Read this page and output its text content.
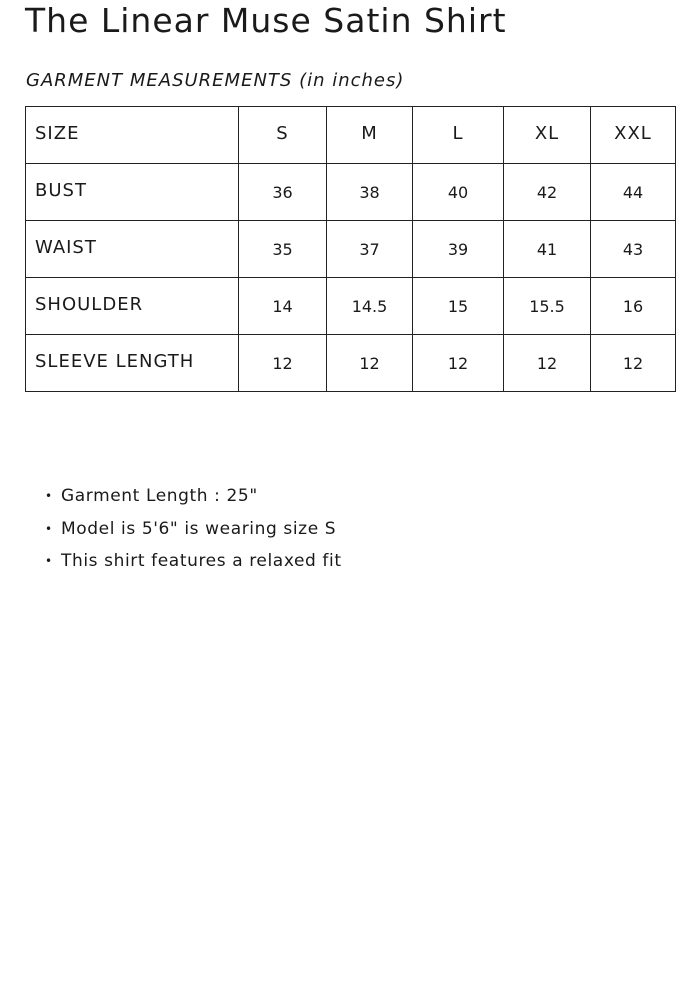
The Linear Muse Satin Shirt

GARMENT MEASUREMENTS (in inches)

SIZE	S	M	L	XL	XXL
BUST	36	38	40	42	44
WAIST	35	37	39	41	43
SHOULDER	14	14.5	15	15.5	16
SLEEVE LENGTH	12	12	12	12	12
• Garment Length : 25"
• Model is 5'6" is wearing size S
• This shirt features a relaxed fit
